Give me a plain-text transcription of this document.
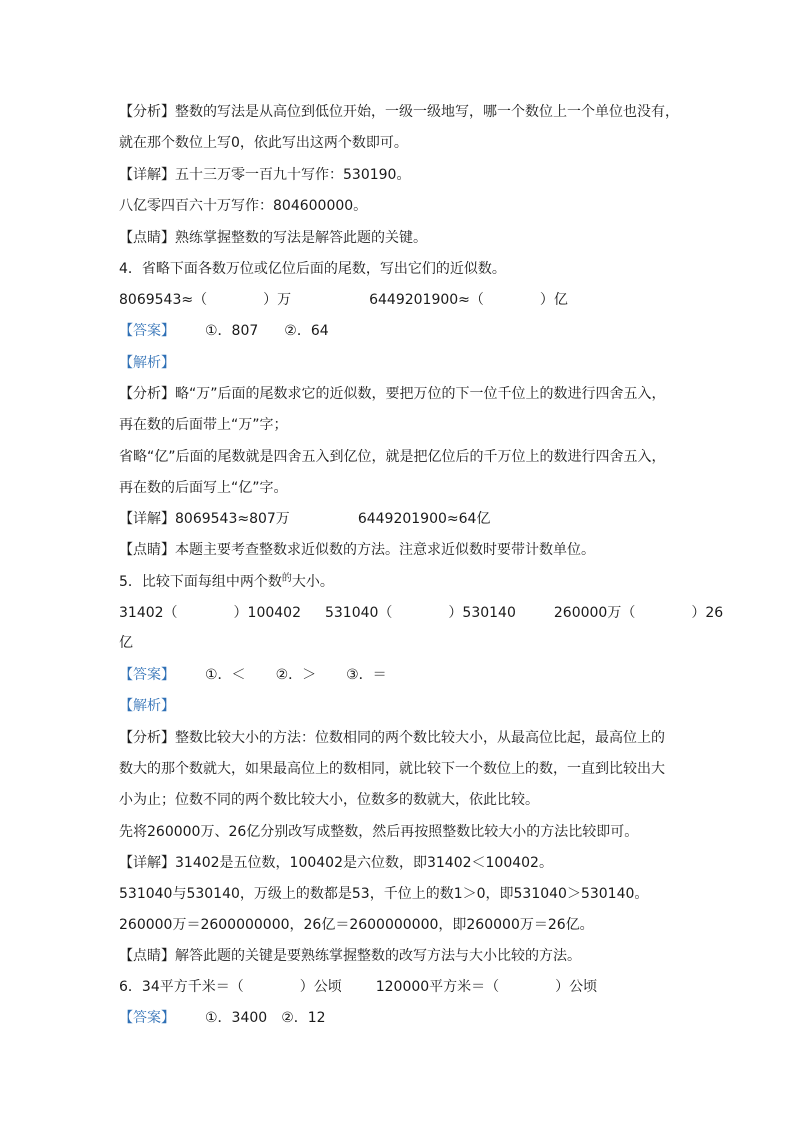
【分析】整数的写法是从高位到低位开始，一级一级地写，哪一个数位上一个单位也没有，
就在那个数位上写0，依此写出这两个数即可。
【详解】五十三万零一百九十写作：530190。
八亿零四百六十万写作：804600000。
【点睛】熟练掌握整数的写法是解答此题的关键。
4．省略下面各数万位或亿位后面的尾数，写出它们的近似数。
8069543≈（　　　　）万	6449201900≈（　　　　）亿
【答案】 ①．807 ②．64
【解析】
【分析】略“万”后面的尾数求它的近似数，要把万位的下一位千位上的数进行四舍五入，
再在数的后面带上“万”字；
省略“亿”后面的尾数就是四舍五入到亿位，就是把亿位后的千万位上的数进行四舍五入，
再在数的后面写上“亿”字。
【详解】8069543≈807万	6449201900≈64亿
【点睛】本题主要考查整数求近似数的方法。注意求近似数时要带计数单位。
5．比较下面每组中两个数$^的$大小。
31402（　　　　）100402 531040（　　　　）530140	260000万（　　　　）26
亿
【答案】 ①．＜ ②．＞ ③．＝
【解析】
【分析】整数比较大小的方法：位数相同的两个数比较大小，从最高位比起，最高位上的
数大的那个数就大，如果最高位上的数相同，就比较下一个数位上的数，一直到比较出大
小为止；位数不同的两个数比较大小，位数多的数就大，依此比较。
先将260000万、26亿分别改写成整数，然后再按照整数比较大小的方法比较即可。
【详解】31402是五位数，100402是六位数，即31402＜100402。
531040与530140，万级上的数都是53，千位上的数1＞0，即531040＞530140。
260000万＝2600000000，26亿＝2600000000，即260000万＝26亿。
【点睛】解答此题的关键是要熟练掌握整数的改写方法与大小比较的方法。
6．34平方千米＝（　　　　）公顷 120000平方米＝（　　　　）公顷
【答案】 ①．3400 ②．12
